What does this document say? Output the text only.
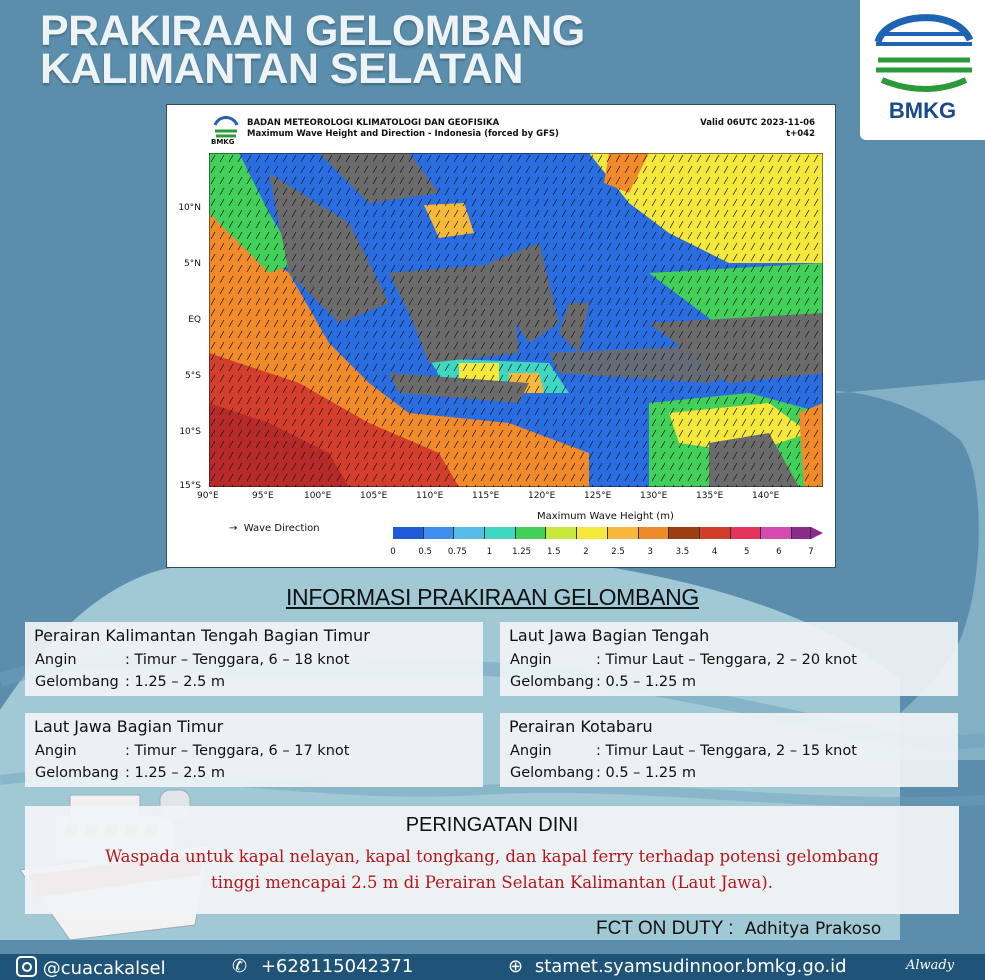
PRAKIRAAN GELOMBANG
KALIMANTAN SELATAN
BMKG
BMKG
BADAN METEOROLOGI KLIMATOLOGI DAN GEOFISIKA
Maximum Wave Height and Direction - Indonesia (forced by GFS)
Valid 06UTC 2023-11-06
t+042
10°N
5°N
EQ
5°S
10°S
15°S
90°E	95°E	100°E	105°E	110°E	115°E	120°E	125°E	130°E	135°E	140°E
→ Wave Direction
Maximum Wave Height (m)
0	0.5 0.75 1 1.25 1.5	2	2.5	3	3.5	4	5	6	7
INFORMASI PRAKIRAAN GELOMBANG
Perairan Kalimantan Tengah Bagian Timur
Angin	: Timur – Tenggara, 6 – 18 knot
Gelombang : 1.25 – 2.5 m
Laut Jawa Bagian Tengah
Angin	: Timur Laut – Tenggara, 2 – 20 knot
Gelombang : 0.5 – 1.25 m
Laut Jawa Bagian Timur
Angin	: Timur – Tenggara, 6 – 17 knot
Gelombang : 1.25 – 2.5 m
Perairan Kotabaru
Angin	: Timur Laut – Tenggara, 2 – 15 knot
Gelombang : 0.5 – 1.25 m
PERINGATAN DINI
Waspada untuk kapal nelayan, kapal tongkang, dan kapal ferry terhadap potensi gelombang
tinggi mencapai 2.5 m di Perairan Selatan Kalimantan (Laut Jawa).
FCT ON DUTY : Adhitya Prakoso
@cuacakalsel	✆ +628115042371	⊕ stamet.syamsudinnoor.bmkg.go.id	Alwady
